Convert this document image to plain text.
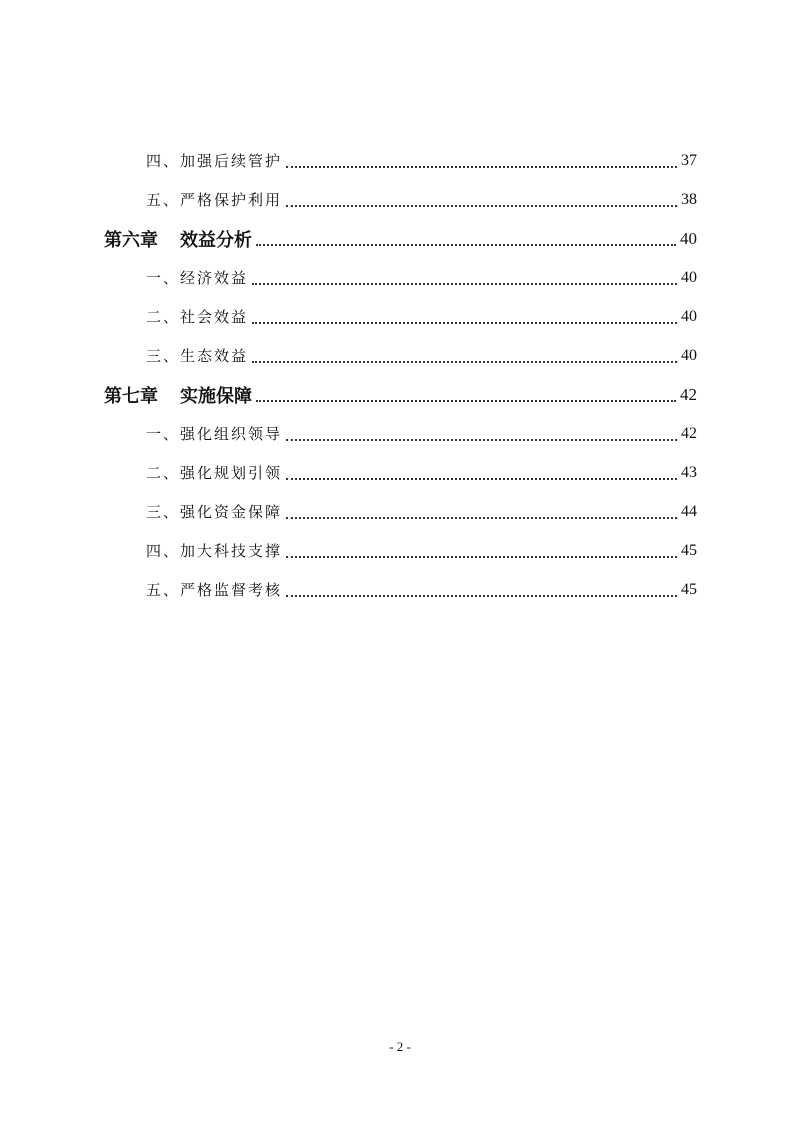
四、加强后续管护	37
五、严格保护利用	38
第六章 效益分析	40
一、经济效益	40
二、社会效益	40
三、生态效益	40
第七章 实施保障	42
一、强化组织领导	42
二、强化规划引领	43
三、强化资金保障	44
四、加大科技支撑	45
五、严格监督考核	45
- 2 -
